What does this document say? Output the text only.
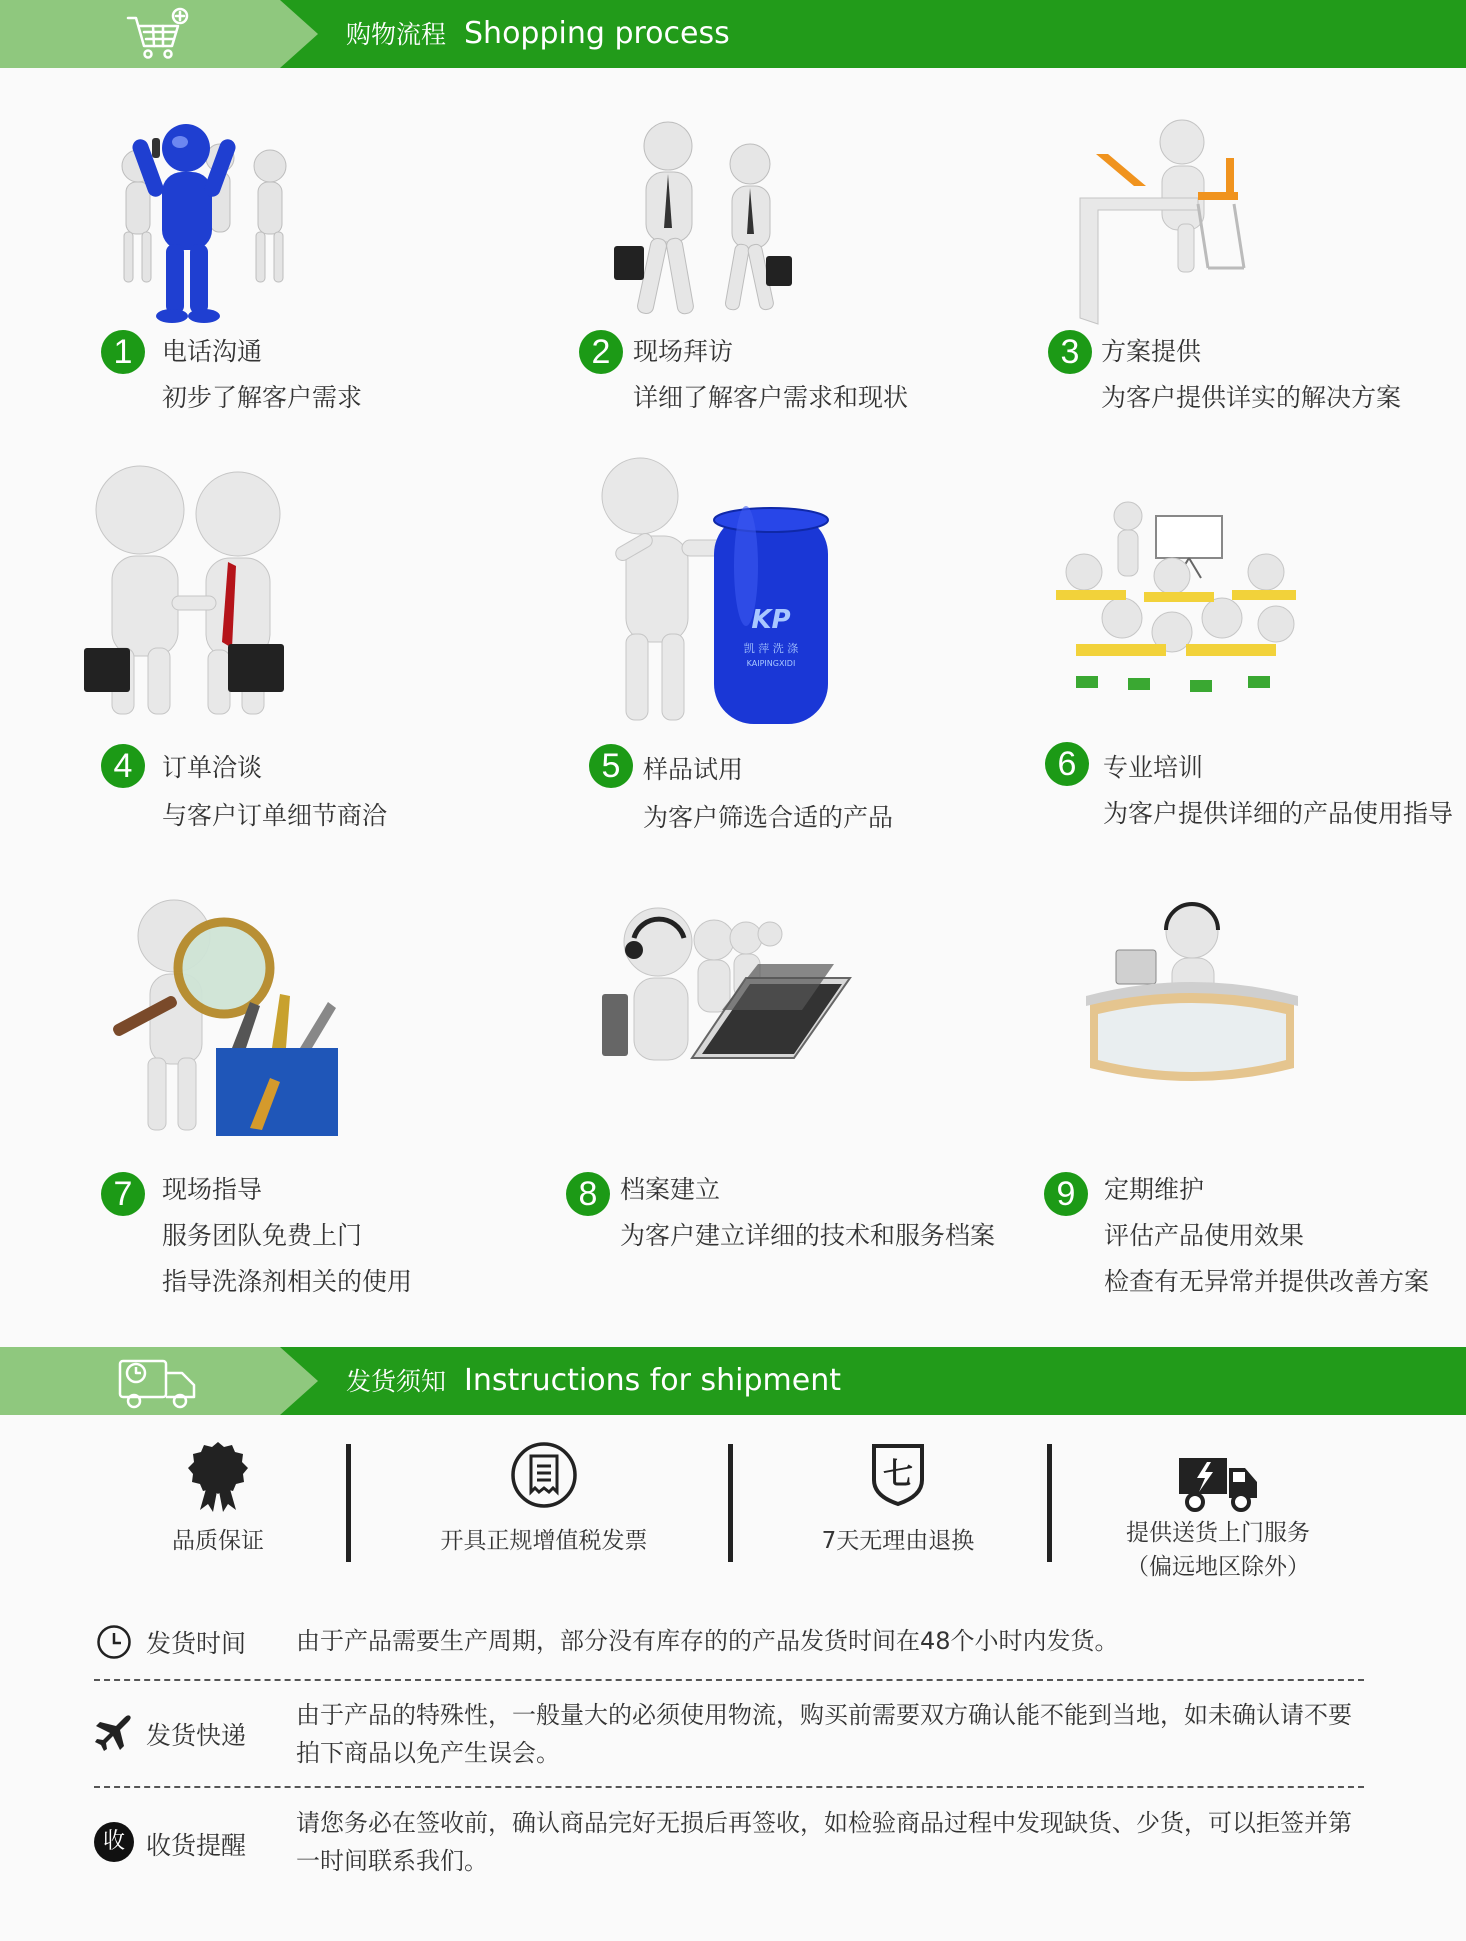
购物流程 Shopping process
1	电话沟通
初步了解客户需求
2 现场拜访
详细了解客户需求和现状
3 方案提供
为客户提供详实的解决方案
4	订单洽谈
与客户订单细节商洽
KP
凯 萍 洗 涤
KAIPINGXIDI
5 样品试用
为客户筛选合适的产品
6	专业培训
为客户提供详细的产品使用指导
7	现场指导
服务团队免费上门
指导洗涤剂相关的使用
8 档案建立
为客户建立详细的技术和服务档案
9	定期维护
评估产品使用效果
检查有无异常并提供改善方案
发货须知 Instructions for shipment
品质保证	开具正规增值税发票
七
7天无理由退换	提供送货上门服务
（偏远地区除外）
发货时间 由于产品需要生产周期，部分没有库存的的产品发货时间在48个小时内发货。
发货快递
由于产品的特殊性，一般量大的必须使用物流，购买前需要双方确认能不能到当地，如未确认请不要拍下商品以免产生误会。
收 收货提醒
请您务必在签收前，确认商品完好无损后再签收，如检验商品过程中发现缺货、少货，可以拒签并第一时间联系我们。
